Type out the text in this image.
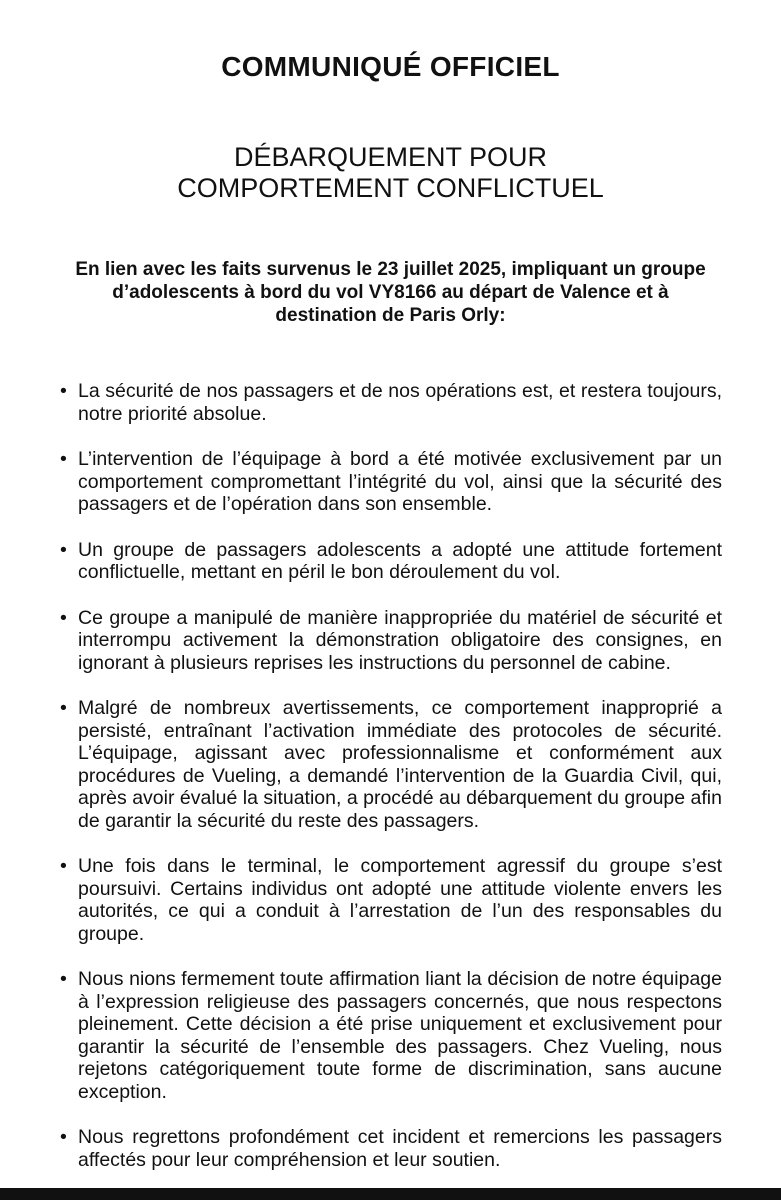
COMMUNIQUÉ OFFICIEL
DÉBARQUEMENT POUR
COMPORTEMENT CONFLICTUEL
En lien avec les faits survenus le 23 juillet 2025, impliquant un groupe d’adolescents à bord du vol VY8166 au départ de Valence et à destination de Paris Orly:
• La sécurité de nos passagers et de nos opérations est, et restera toujours, notre priorité absolue.
• L’intervention de l’équipage à bord a été motivée exclusivement par un comportement compromettant l’intégrité du vol, ainsi que la sécurité des passagers et de l’opération dans son ensemble.
• Un groupe de passagers adolescents a adopté une attitude fortement conflictuelle, mettant en péril le bon déroulement du vol.
• Ce groupe a manipulé de manière inappropriée du matériel de sécurité et interrompu activement la démonstration obligatoire des consignes, en ignorant à plusieurs reprises les instructions du personnel de cabine.
• Malgré de nombreux avertissements, ce comportement inapproprié a persisté, entraînant l’activation immédiate des protocoles de sécurité. L’équipage, agissant avec professionnalisme et conformément aux procédures de Vueling, a demandé l’intervention de la Guardia Civil, qui, après avoir évalué la situation, a procédé au débarquement du groupe afin de garantir la sécurité du reste des passagers.
• Une fois dans le terminal, le comportement agressif du groupe s’est poursuivi. Certains individus ont adopté une attitude violente envers les autorités, ce qui a conduit à l’arrestation de l’un des responsables du groupe.
• Nous nions fermement toute affirmation liant la décision de notre équipage à l’expression religieuse des passagers concernés, que nous respectons pleinement. Cette décision a été prise uniquement et exclusivement pour garantir la sécurité de l’ensemble des passagers. Chez Vueling, nous rejetons catégoriquement toute forme de discrimination, sans aucune exception.
• Nous regrettons profondément cet incident et remercions les passagers affectés pour leur compréhension et leur soutien.
